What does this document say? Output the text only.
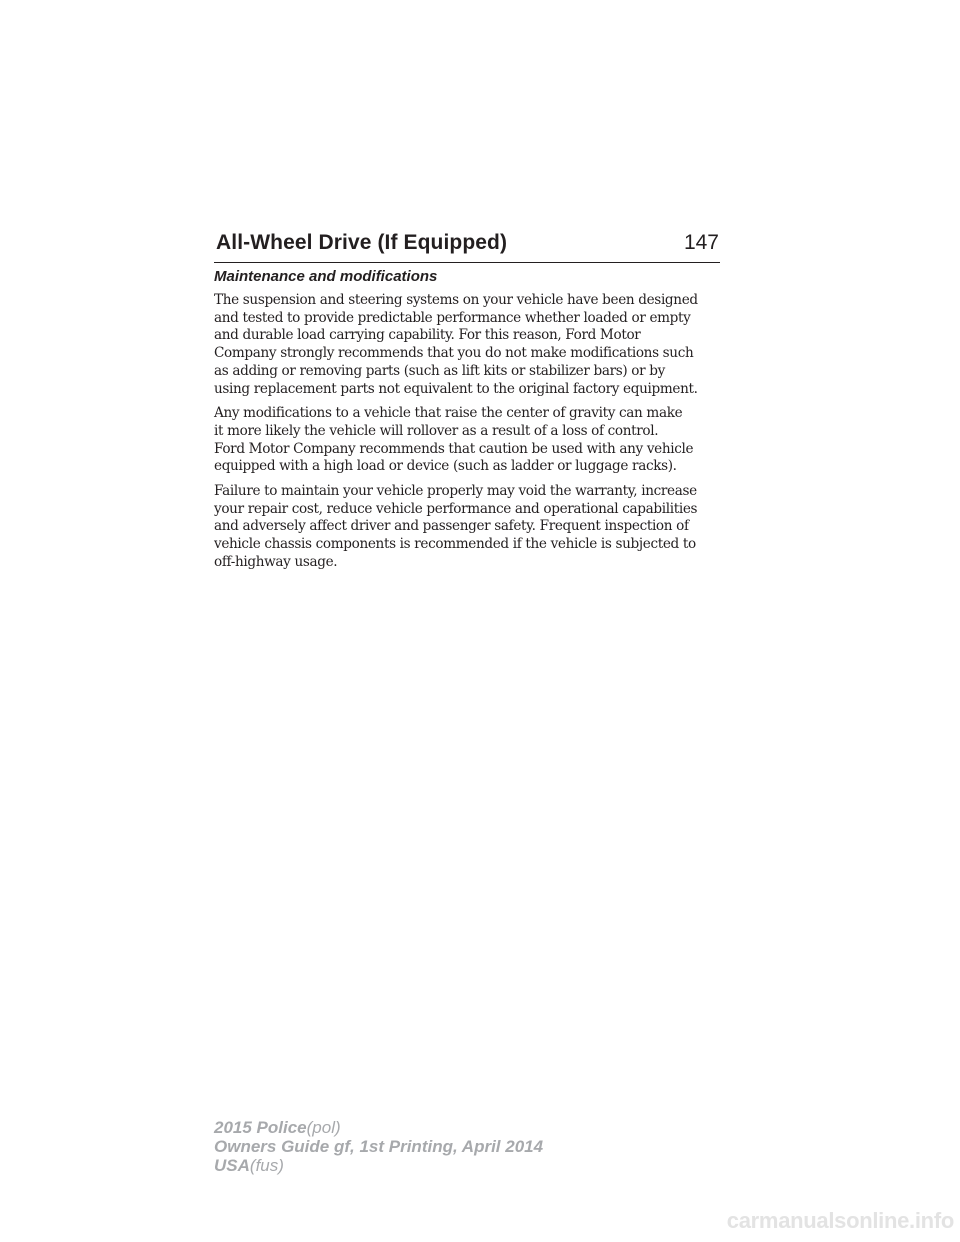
All-Wheel Drive (If Equipped)	147
Maintenance and modifications
The suspension and steering systems on your vehicle have been designed
and tested to provide predictable performance whether loaded or empty
and durable load carrying capability. For this reason, Ford Motor
Company strongly recommends that you do not make modifications such
as adding or removing parts (such as lift kits or stabilizer bars) or by
using replacement parts not equivalent to the original factory equipment.
Any modifications to a vehicle that raise the center of gravity can make
it more likely the vehicle will rollover as a result of a loss of control.
Ford Motor Company recommends that caution be used with any vehicle
equipped with a high load or device (such as ladder or luggage racks).
Failure to maintain your vehicle properly may void the warranty, increase
your repair cost, reduce vehicle performance and operational capabilities
and adversely affect driver and passenger safety. Frequent inspection of
vehicle chassis components is recommended if the vehicle is subjected to
off-highway usage.
2015 Police(pol)
Owners Guide gf, 1st Printing, April 2014
USA(fus)
carmanualsonline.info
